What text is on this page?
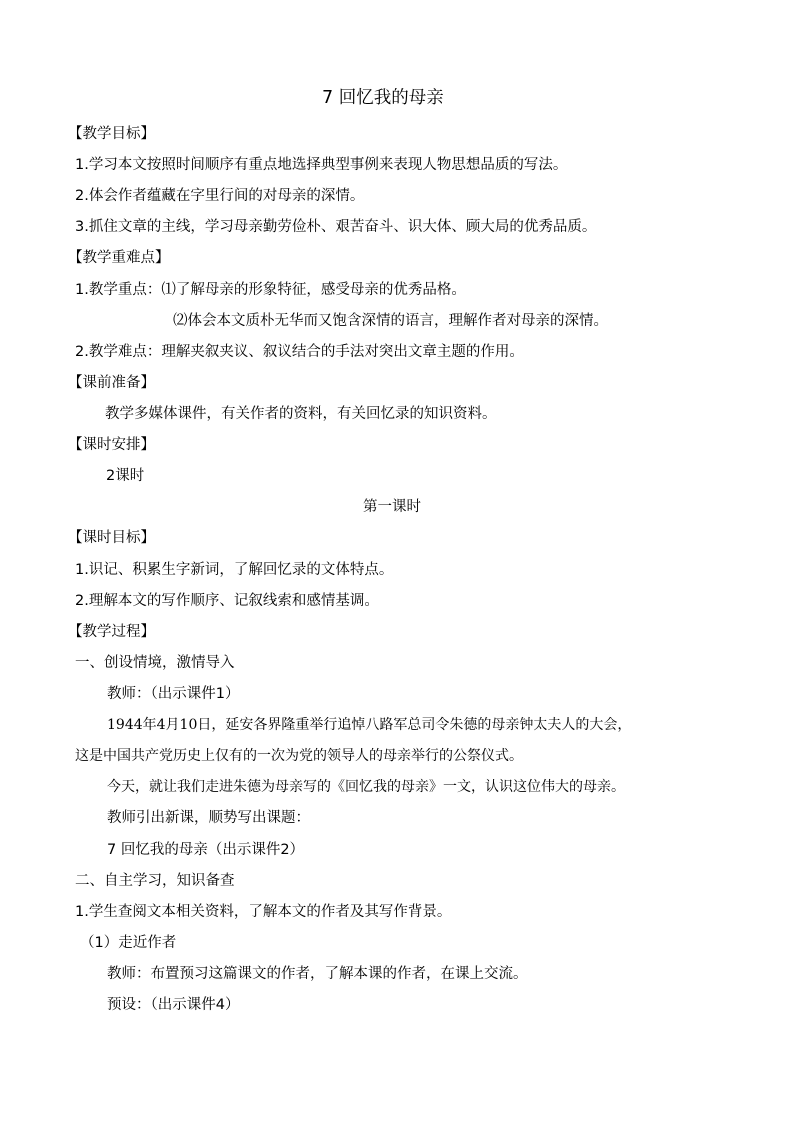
7 回忆我的母亲
【教学目标】
1.学习本文按照时间顺序有重点地选择典型事例来表现人物思想品质的写法。
2.体会作者蕴藏在字里行间的对母亲的深情。
3.抓住文章的主线，学习母亲勤劳俭朴、艰苦奋斗、识大体、顾大局的优秀品质。
【教学重难点】
1.教学重点：⑴了解母亲的形象特征，感受母亲的优秀品格。
⑵体会本文质朴无华而又饱含深情的语言，理解作者对母亲的深情。
2.教学难点：理解夹叙夹议、叙议结合的手法对突出文章主题的作用。
【课前准备】
教学多媒体课件，有关作者的资料，有关回忆录的知识资料。
【课时安排】
2课时
第一课时
【课时目标】
1.识记、积累生字新词，了解回忆录的文体特点。
2.理解本文的写作顺序、记叙线索和感情基调。
【教学过程】
一、创设情境，激情导入
教师：（出示课件1）
1944年4月10日，延安各界隆重举行追悼八路军总司令朱德的母亲钟太夫人的大会，
这是中国共产党历史上仅有的一次为党的领导人的母亲举行的公祭仪式。
今天，就让我们走进朱德为母亲写的《回忆我的母亲》一文，认识这位伟大的母亲。
教师引出新课，顺势写出课题：
7 回忆我的母亲（出示课件2）
二、自主学习，知识备查
1.学生查阅文本相关资料，了解本文的作者及其写作背景。
（1）走近作者
教师：布置预习这篇课文的作者，了解本课的作者，在课上交流。
预设：（出示课件4）
